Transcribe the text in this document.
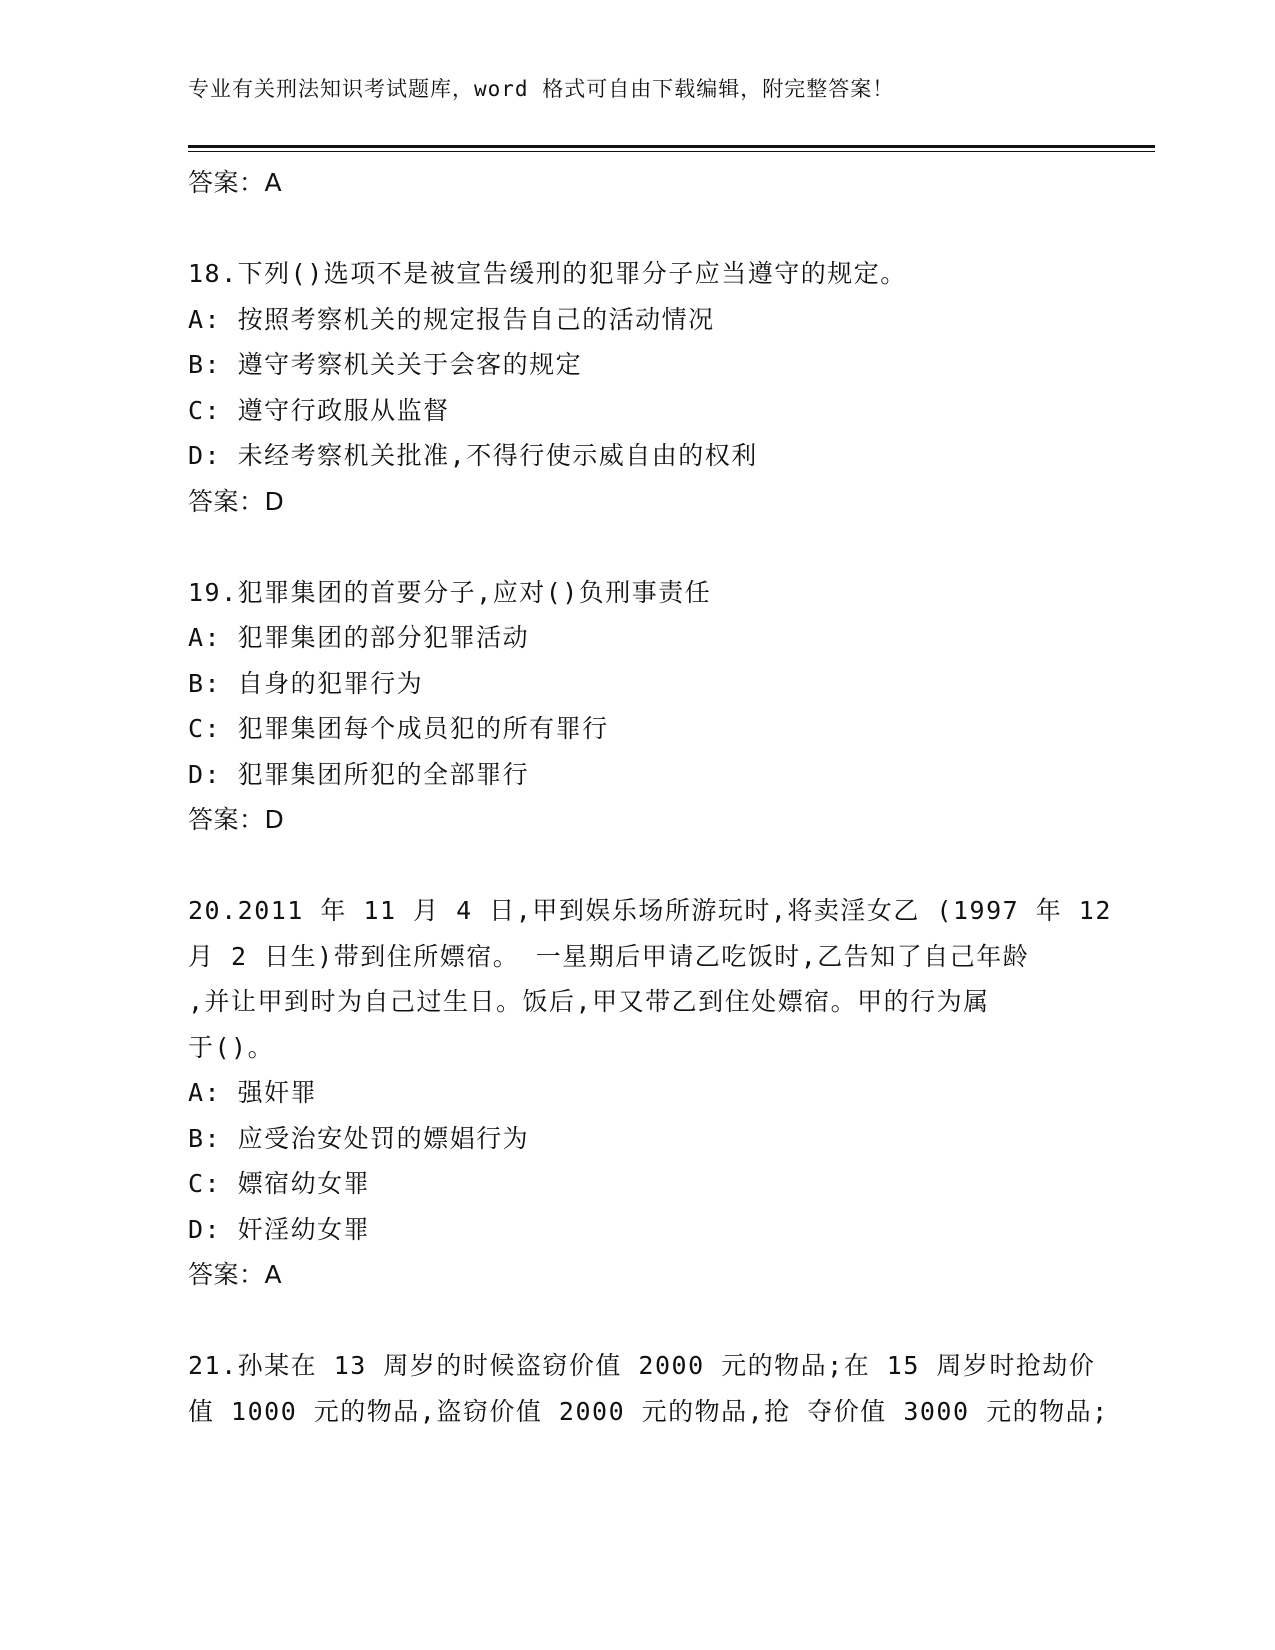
专业有关刑法知识考试题库，word 格式可自由下载编辑，附完整答案！
答案：A
18.下列()选项不是被宣告缓刑的犯罪分子应当遵守的规定。
A: 按照考察机关的规定报告自己的活动情况
B: 遵守考察机关关于会客的规定
C: 遵守行政服从监督
D: 未经考察机关批准,不得行使示威自由的权利
答案：D
19.犯罪集团的首要分子,应对()负刑事责任
A: 犯罪集团的部分犯罪活动
B: 自身的犯罪行为
C: 犯罪集团每个成员犯的所有罪行
D: 犯罪集团所犯的全部罪行
答案：D
20.2011 年 11 月 4 日,甲到娱乐场所游玩时,将卖淫女乙 (1997 年 12
月 2 日生)带到住所嫖宿。 一星期后甲请乙吃饭时,乙告知了自己年龄
,并让甲到时为自己过生日。饭后,甲又带乙到住处嫖宿。甲的行为属
于()。
A: 强奸罪
B: 应受治安处罚的嫖娼行为
C: 嫖宿幼女罪
D: 奸淫幼女罪
答案：A
21.孙某在 13 周岁的时候盗窃价值 2000 元的物品;在 15 周岁时抢劫价
值 1000 元的物品,盗窃价值 2000 元的物品,抢 夺价值 3000 元的物品;
